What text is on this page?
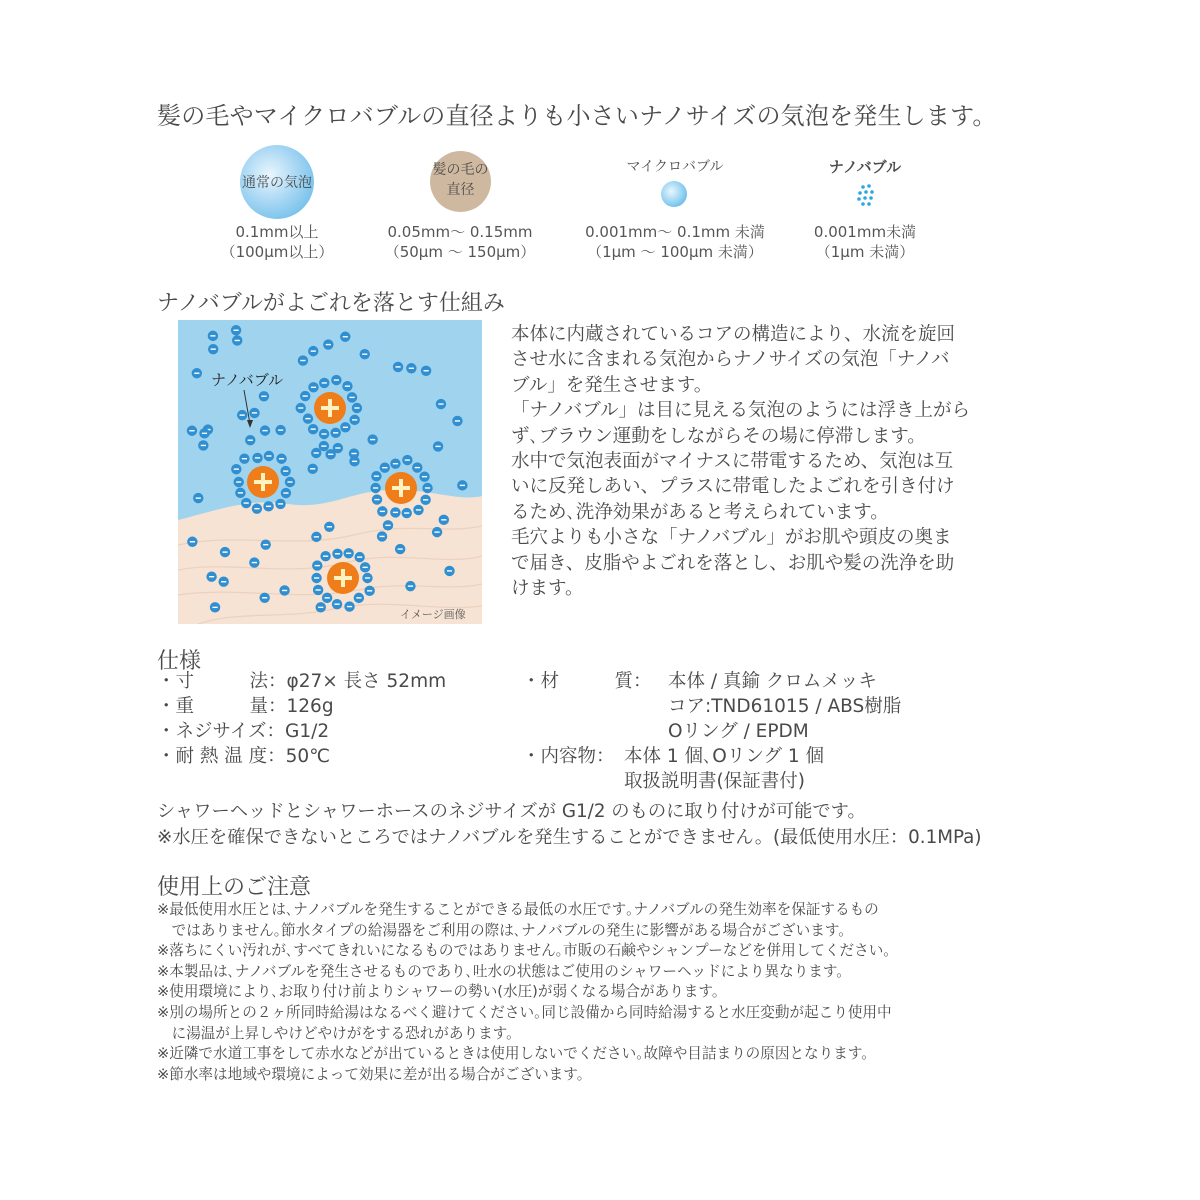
髪の毛やマイクロバブルの直径よりも小さいナノサイズの気泡を発生します。
通常の気泡
0.1mm以上
（100μm以上）
髪の毛の
直径
0.05mm～ 0.15mm
（50μm ～ 150μm）
マイクロバブル
0.001mm～ 0.1mm 未満
（1μm ～ 100μm 未満）
ナノバブル
0.001mm未満
（1μm 未満）
ナノバブルがよごれを落とす仕組み
ナノバブル
イメージ画像
本体に内蔵されているコアの構造により、水流を旋回
させ水に含まれる気泡からナノサイズの気泡「ナノバ
ブル」を発生させます。
「ナノバブル」は目に見える気泡のようには浮き上がら
ず､ブラウン運動をしながらその場に停滞します。
水中で気泡表面がマイナスに帯電するため、気泡は互
いに反発しあい、プラスに帯電したよごれを引き付け
るため､洗浄効果があると考えられています。
毛穴よりも小さな「ナノバブル」がお肌や頭皮の奥ま
で届き、皮脂やよごれを落とし、お肌や髪の洗浄を助
けます。
仕様
・寸　　　法：φ27× 長さ 52mm
・重　　　量：126g
・ネジサイズ：G1/2
・耐 熱 温 度：50℃
・材　　　質： 本体 / 真鍮 クロムメッキ
コア:TND61015 / ABS樹脂
Oリング / EPDM
・内容物： 本体 1 個､Oリング 1 個
取扱説明書(保証書付)
シャワーヘッドとシャワーホースのネジサイズが G1/2 のものに取り付けが可能です。
※水圧を確保できないところではナノバブルを発生することができません。(最低使用水圧：0.1MPa)
使用上のご注意
※最低使用水圧とは､ナノバブルを発生することができる最低の水圧です｡ナノバブルの発生効率を保証するもの
　ではありません｡節水タイプの給湯器をご利用の際は､ナノバブルの発生に影響がある場合がございます。
※落ちにくい汚れが､すべてきれいになるものではありません｡市販の石鹸やシャンプーなどを併用してください。
※本製品は､ナノバブルを発生させるものであり､吐水の状態はご使用のシャワーヘッドにより異なります。
※使用環境により､お取り付け前よりシャワーの勢い(水圧)が弱くなる場合があります。
※別の場所との２ヶ所同時給湯はなるべく避けてください｡同じ設備から同時給湯すると水圧変動が起こり使用中
　に湯温が上昇しやけどやけがをする恐れがあります。
※近隣で水道工事をして赤水などが出ているときは使用しないでください｡故障や目詰まりの原因となります。
※節水率は地域や環境によって効果に差が出る場合がございます。
